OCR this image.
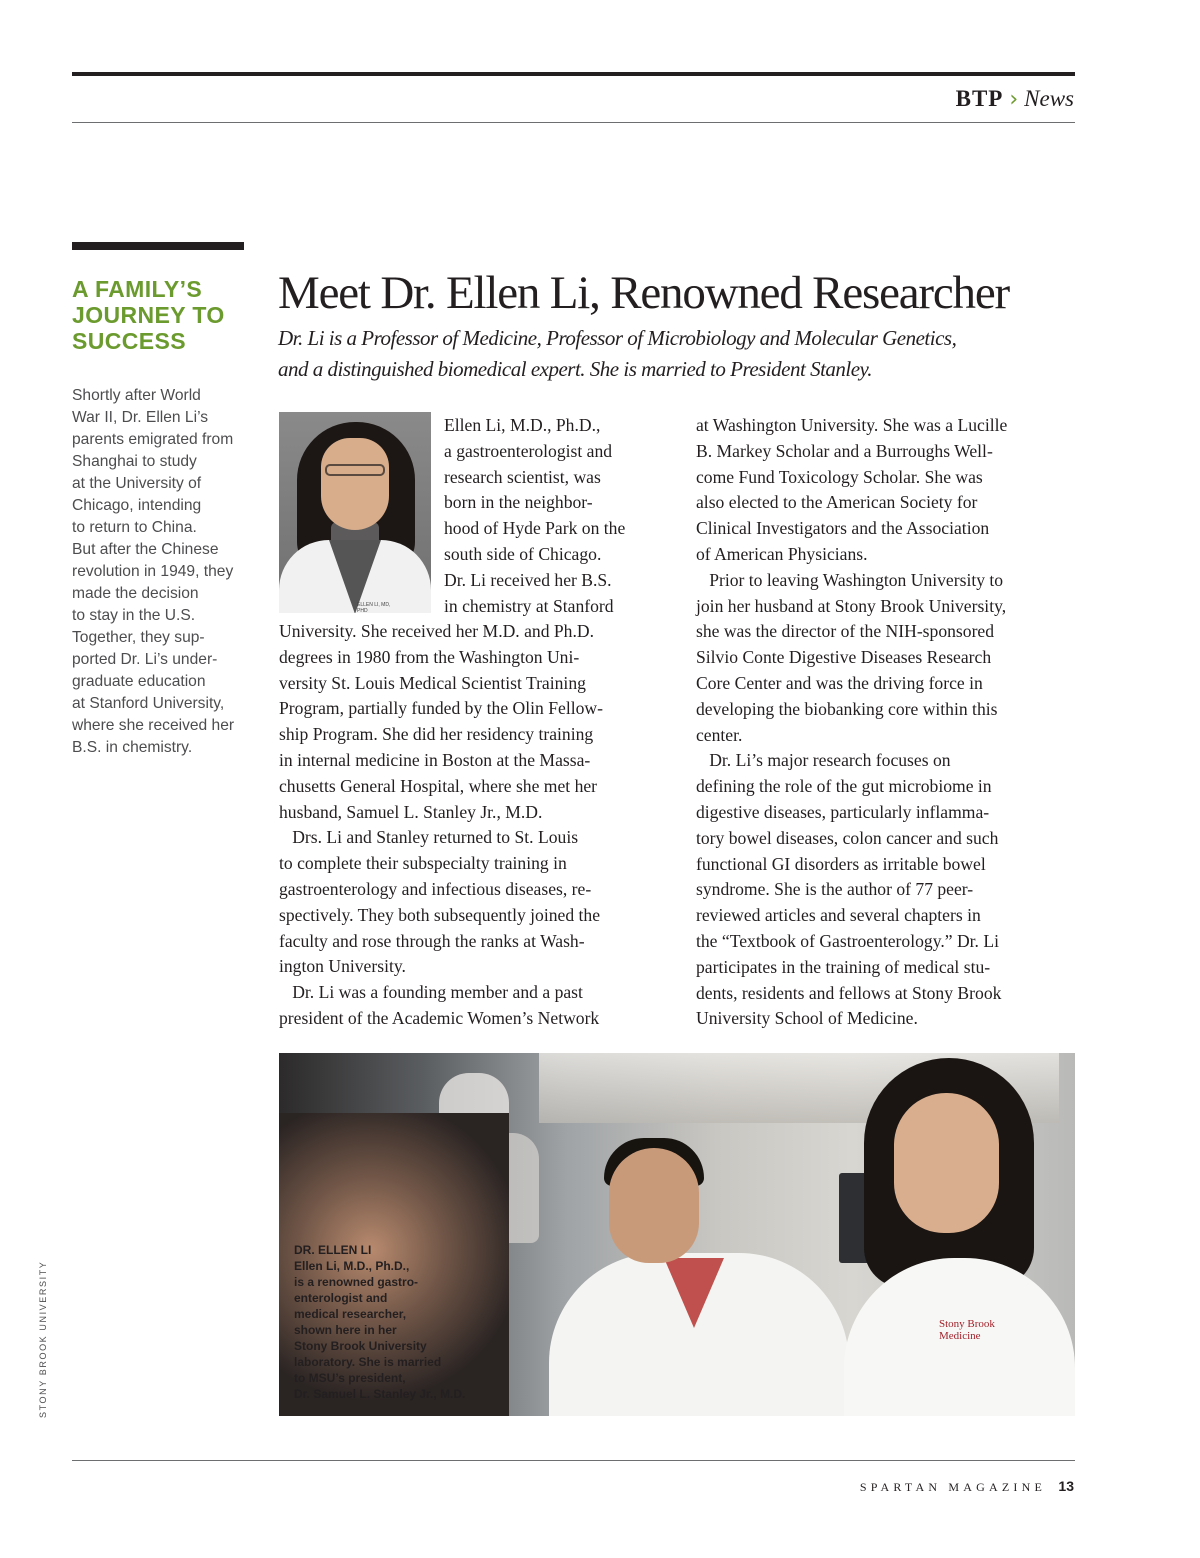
BTP › News
A FAMILY’S
JOURNEY TO
SUCCESS
Shortly after World
War II, Dr. Ellen Li’s
parents emigrated from
Shanghai to study
at the University of
Chicago, intending
to return to China.
But after the Chinese
revolution in 1949, they
made the decision
to stay in the U.S.
Together, they sup-
ported Dr. Li’s under-
graduate education
at Stanford University,
where she received her
B.S. in chemistry.
Meet Dr. Ellen Li, Renowned Researcher
Dr. Li is a Professor of Medicine, Professor of Microbiology and Molecular Genetics,
and a distinguished biomedical expert. She is married to President Stanley.
ELLEN LI, MD, PHD
Ellen Li, M.D., Ph.D.,
a gastroenterologist and
research scientist, was
born in the neighbor-
hood of Hyde Park on the
south side of Chicago.
Dr. Li received her B.S.
in chemistry at Stanford
University. She received her M.D. and Ph.D.
degrees in 1980 from the Washington Uni-
versity St. Louis Medical Scientist Training
Program, partially funded by the Olin Fellow-
ship Program. She did her residency training
in internal medicine in Boston at the Massa-
chusetts General Hospital, where she met her
husband, Samuel L. Stanley Jr., M.D.
Drs. Li and Stanley returned to St. Louis
to complete their subspecialty training in
gastroenterology and infectious diseases, re-
spectively. They both subsequently joined the
faculty and rose through the ranks at Wash-
ington University.
Dr. Li was a founding member and a past
president of the Academic Women’s Network
at Washington University. She was a Lucille
B. Markey Scholar and a Burroughs Well-
come Fund Toxicology Scholar. She was
also elected to the American Society for
Clinical Investigators and the Association
of American Physicians.
Prior to leaving Washington University to
join her husband at Stony Brook University,
she was the director of the NIH-sponsored
Silvio Conte Digestive Diseases Research
Core Center and was the driving force in
developing the biobanking core within this
center.
Dr. Li’s major research focuses on
defining the role of the gut microbiome in
digestive diseases, particularly inflamma-
tory bowel diseases, colon cancer and such
functional GI disorders as irritable bowel
syndrome. She is the author of 77 peer-
reviewed articles and several chapters in
the “Textbook of Gastroenterology.” Dr. Li
participates in the training of medical stu-
dents, residents and fellows at Stony Brook
University School of Medicine.
Stony Brook
Medicine
DR. ELLEN LI
Ellen Li, M.D., Ph.D.,
is a renowned gastro-
enterologist and
medical researcher,
shown here in her
Stony Brook University
laboratory. She is married
to MSU’s president,
Dr. Samuel L. Stanley Jr., M.D.
STONY BROOK UNIVERSITY
SPARTAN MAGAZINE 13
